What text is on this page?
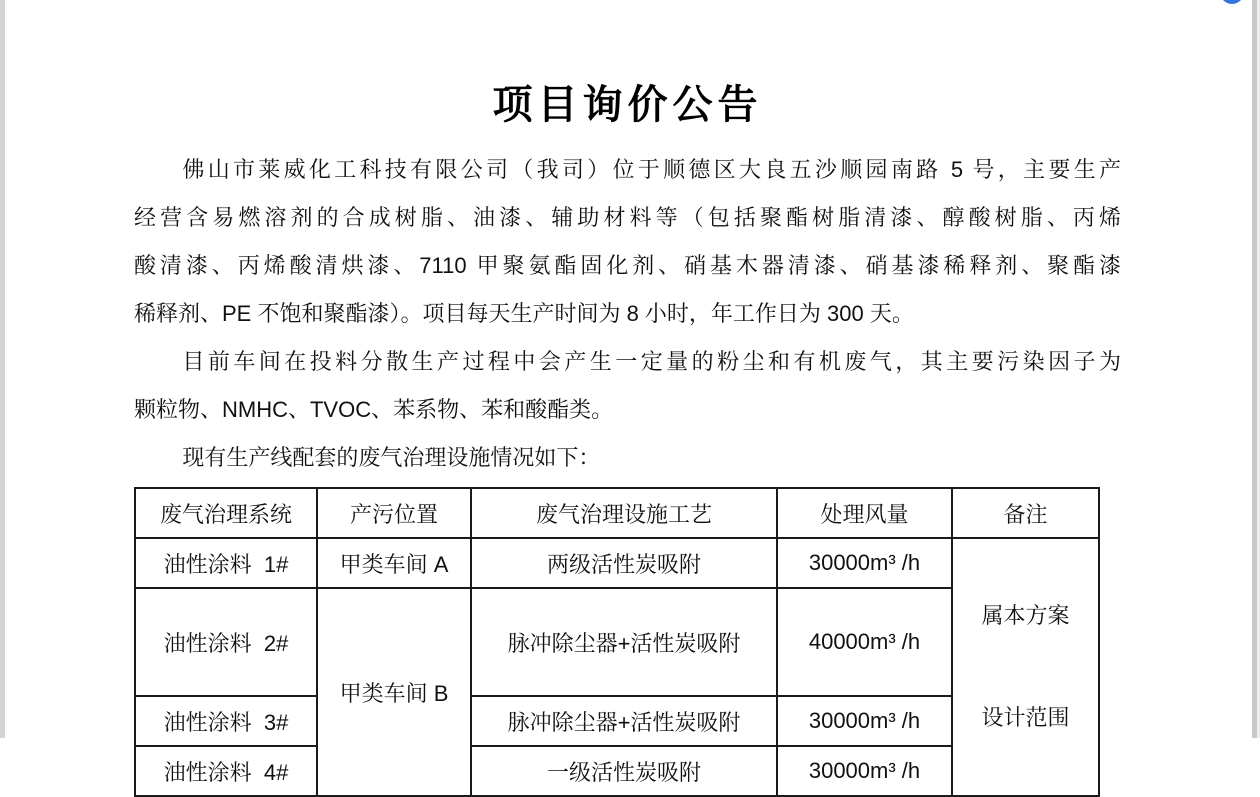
项目询价公告

佛山市莱威化工科技有限公司（我司）位于顺德区大良五沙顺园南路 5 号，主要生产

经营含易燃溶剂的合成树脂、油漆、辅助材料等（包括聚酯树脂清漆、醇酸树脂、丙烯

酸清漆、丙烯酸清烘漆、7110 甲聚氨酯固化剂、硝基木器清漆、硝基漆稀释剂、聚酯漆

稀释剂、PE 不饱和聚酯漆）。项目每天生产时间为 8 小时，年工作日为 300 天。

目前车间在投料分散生产过程中会产生一定量的粉尘和有机废气，其主要污染因子为

颗粒物、NMHC、TVOC、苯系物、苯和酸酯类。

现有生产线配套的废气治理设施情况如下：

废气治理系统	产污位置	废气治理设施工艺	处理风量	备注
油性涂料  1#	甲类车间 A	两级活性炭吸附	30000m³ /h	属本方案

设计范围

油性涂料  2#	甲类车间 B	脉冲除尘器+活性炭吸附	40000m³ /h	
油性涂料  3#		脉冲除尘器+活性炭吸附	30000m³ /h	
油性涂料  4#		一级活性炭吸附	30000m³ /h	
